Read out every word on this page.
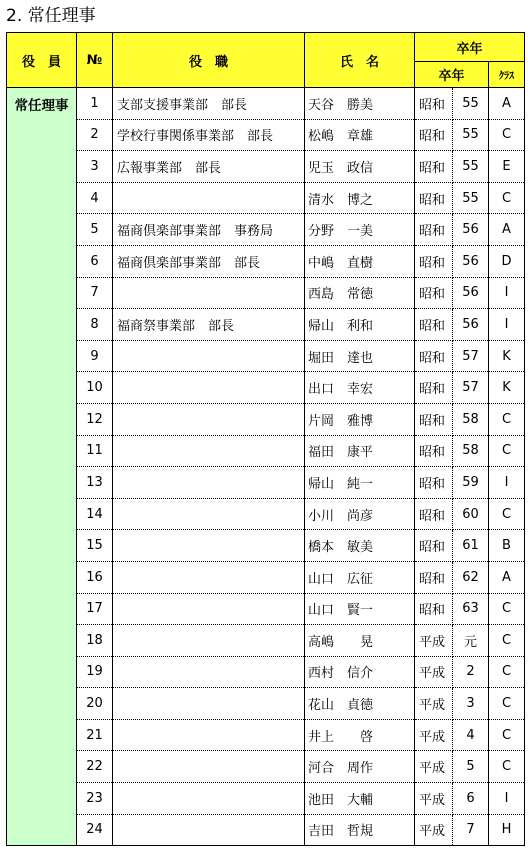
2. 常任理事
役　員	№	役　職	氏　名	卒年		
				卒年		ｸﾗｽ
常任理事	1	支部支援事業部　部長	天谷　勝美	昭和	55	A
	2	学校行事関係事業部　部長	松嶋　章雄	昭和	55	C
	3	広報事業部　部長	児玉　政信	昭和	55	E
	4		清水　博之	昭和	55	C
	5	福商倶楽部事業部　事務局	分野　一美	昭和	56	A
	6	福商倶楽部事業部　部長	中嶋　直樹	昭和	56	D
	7		西島　常徳	昭和	56	I
	8	福商祭事業部　部長	帰山　利和	昭和	56	I
	9		堀田　達也	昭和	57	K
	10		出口　幸宏	昭和	57	K
	12		片岡　雅博	昭和	58	C
	11		福田　康平	昭和	58	C
	13		帰山　純一	昭和	59	I
	14		小川　尚彦	昭和	60	C
	15		橋本　敏美	昭和	61	B
	16		山口　広征	昭和	62	A
	17		山口　賢一	昭和	63	C
	18		高嶋　　晃	平成	元	C
	19		西村　信介	平成	2	C
	20		花山　貞徳	平成	3	C
	21		井上　　啓	平成	4	C
	22		河合　周作	平成	5	C
	23		池田　大輔	平成	6	I
	24		吉田　哲規	平成	7	H
